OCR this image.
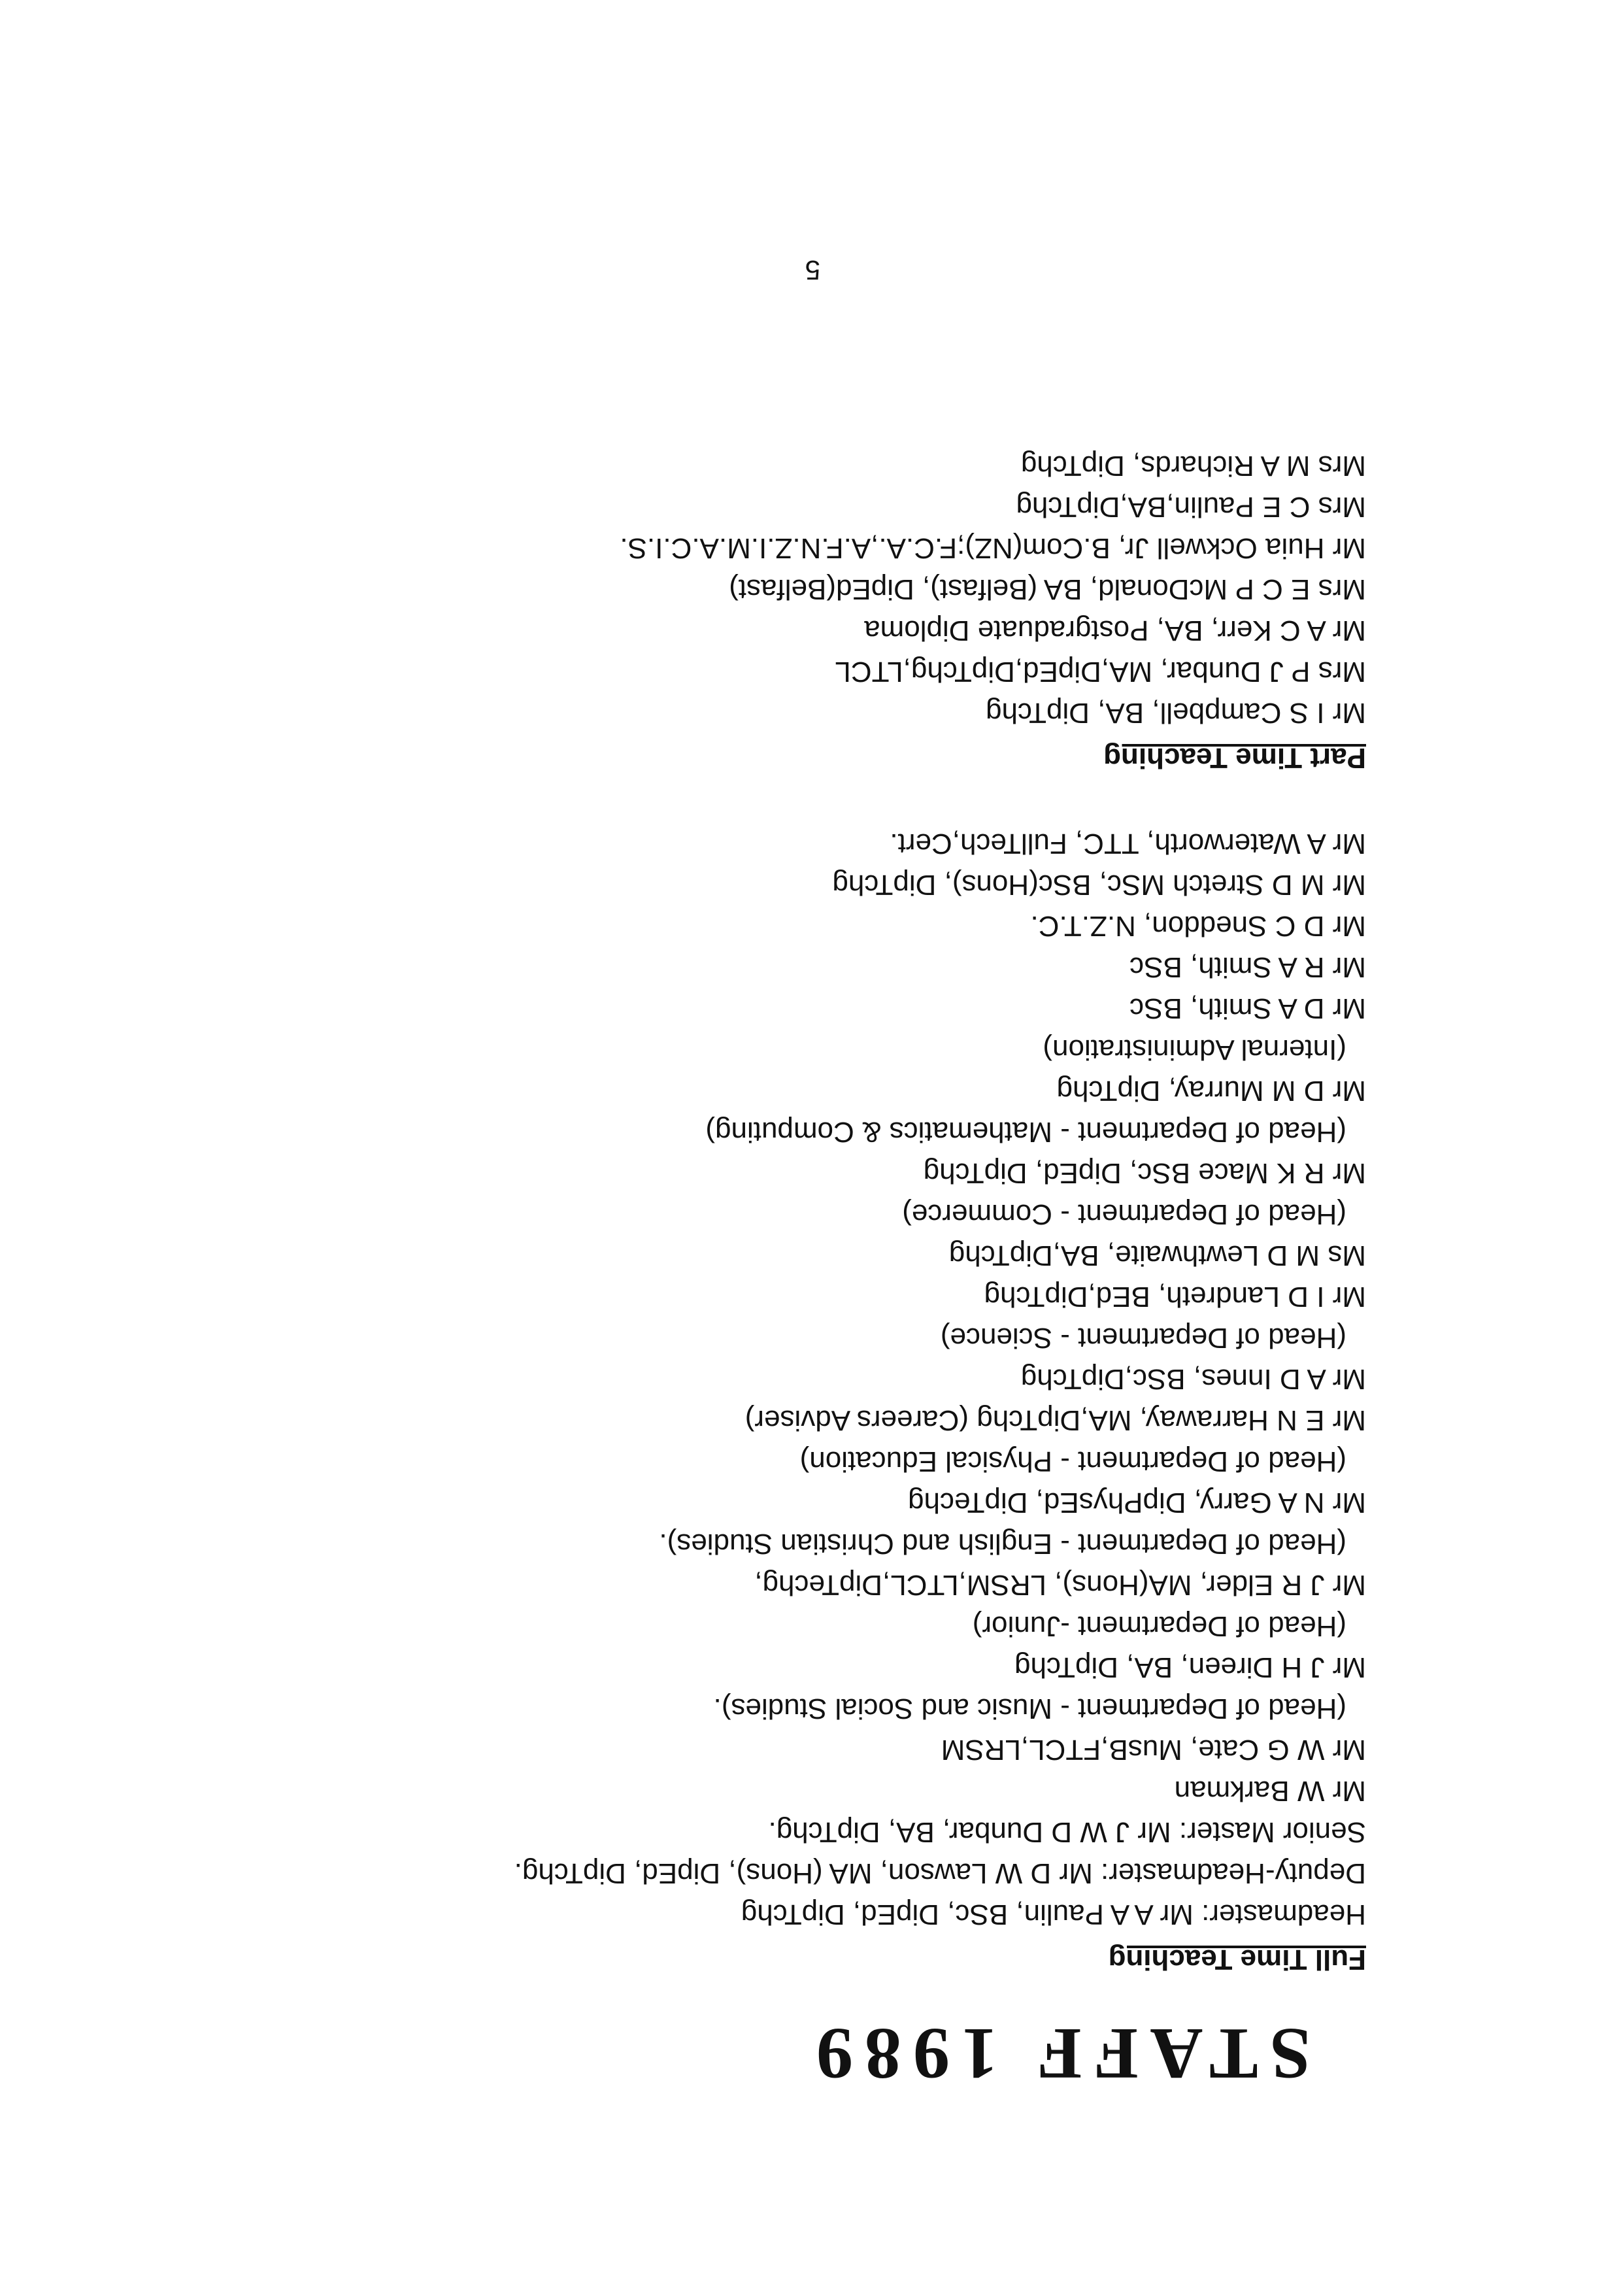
STAFF 1989
Full Time Teaching
Headmaster: Mr A A Paulin, BSc, DipEd, DipTchg
Deputy-Headmaster: Mr D W Lawson, MA (Hons), DipEd, DipTchg.
Senior Master: Mr J W D Dunbar, BA, DipTchg.
Mr W Barkman
Mr W G Cate, MusB,FTCL,LRSM
(Head of Department - Music and Social Studies).
Mr J H Direen, BA, DipTchg
(Head of Department -Junior)
Mr J R Elder, MA(Hons), LRSM,LTCL,DipTechg,
(Head of Department - English and Christian Studies).
Mr N A Garry, DipPhysEd, DipTechg
(Head of Department - Physical Education)
Mr E N Harraway, MA,DipTchg (Careers Adviser)
Mr A D Innes, BSc,DipTchg
(Head of Department - Science)
Mr I D Landreth, BEd,DipTchg
Ms M D Lewthwaite, BA,DipTchg
(Head of Department - Commerce)
Mr R K Mace BSc, DipEd, DipTchg
(Head of Department - Mathematics & Computing)
Mr D M Murray, DipTchg
(Internal Administration)
Mr D A Smith, BSc
Mr R A Smith, BSc
Mr D C Sneddon, N.Z.T.C.
Mr M D Stretch MSc, BSc(Hons), DipTchg
Mr A Waterworth, TTC, FullTech,Cert.
Part Time Teaching
Mr I S Campbell, BA, DipTchg
Mrs P J Dunbar, MA,DipEd,DipTchg,LTCL
Mr A C Kerr, BA, Postgraduate Diploma
Mrs E C P McDonald, BA (Belfast), DipEd(Belfast)
Mr Huia Ockwell Jr, B.Com(NZ);F.C.A.,A.F.N.Z.I.M.A.C.I.S.
Mrs C E Paulin,BA,DipTchg
Mrs M A Richards, DipTchg
5
